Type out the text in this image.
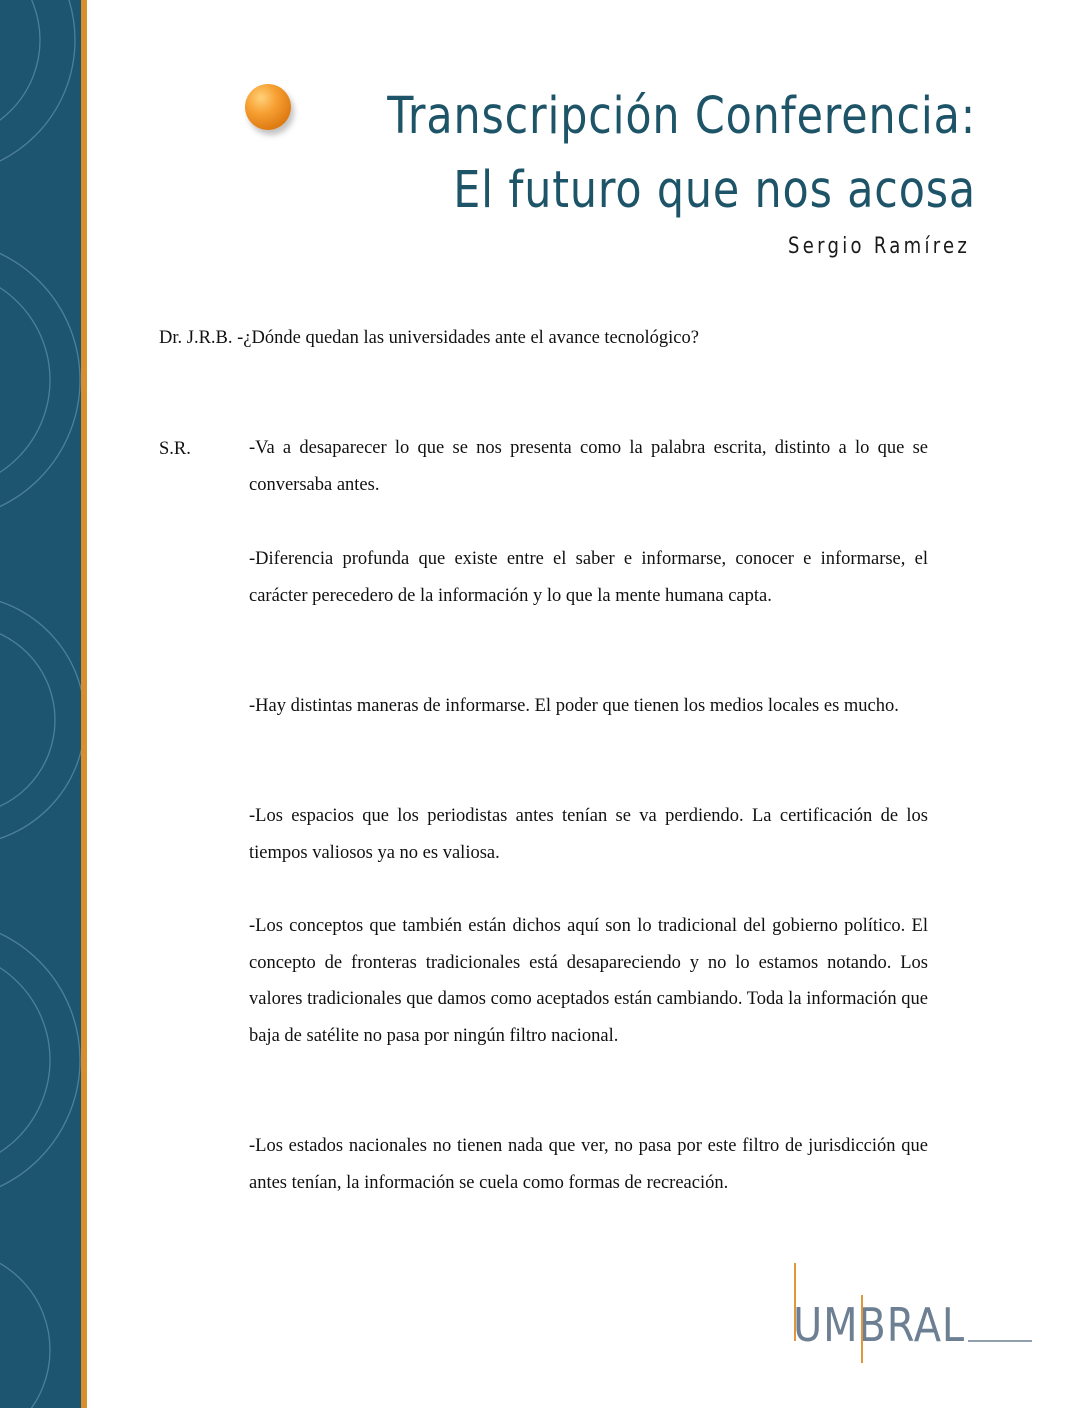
Transcripción Conferencia: El futuro que nos acosa
Sergio Ramírez
Dr. J.R.B. -¿Dónde quedan las universidades ante el avance tecnológico?
S.R.	-Va a desaparecer lo que se nos presenta como la palabra escrita, distinto a lo que se conversaba antes.

-Diferencia profunda que existe entre el saber e informarse, conocer e informarse, el carácter perecedero de la información y lo que la mente humana capta.

-Hay distintas maneras de informarse. El poder que tienen los medios locales es mucho.

-Los espacios que los periodistas antes tenían se va perdiendo. La certificación de los tiempos valiosos ya no es valiosa.

-Los conceptos que también están dichos aquí son lo tradicional del gobierno político. El concepto de fronteras tradicionales está desapareciendo y no lo estamos notando. Los valores tradicionales que damos como aceptados están cambiando. Toda la información que baja de satélite no pasa por ningún filtro nacional.

-Los estados nacionales no tienen nada que ver, no pasa por este filtro de jurisdicción que antes tenían, la información se cuela como formas de recreación.

UMBRAL
